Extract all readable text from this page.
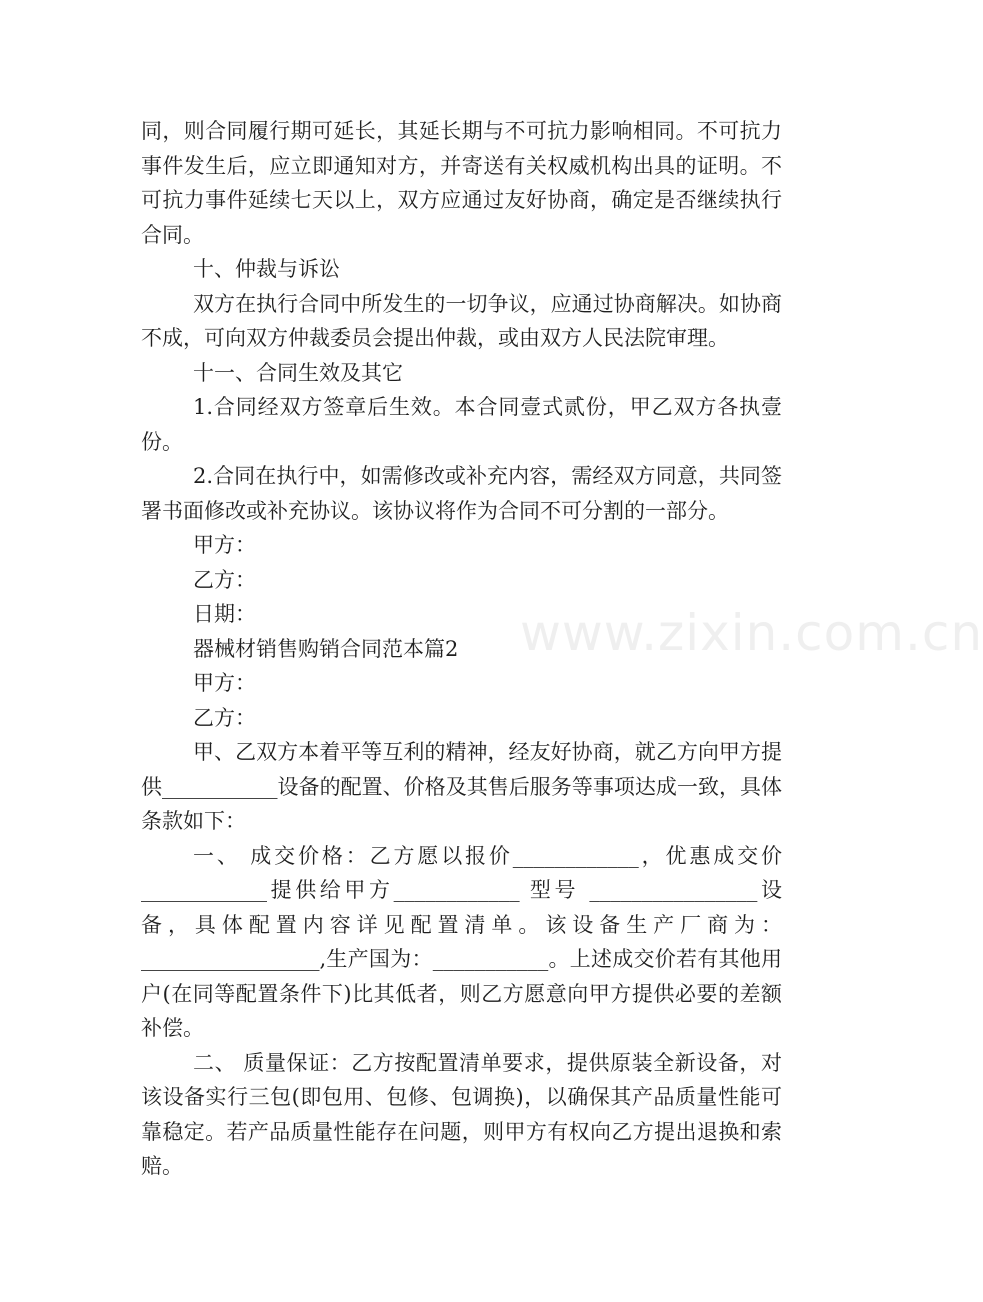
同，则合同履行期可延长，其延长期与不可抗力影响相同。不可抗力事件发生后，应立即通知对方，并寄送有关权威机构出具的证明。不可抗力事件延续七天以上，双方应通过友好协商，确定是否继续执行合同。

十、仲裁与诉讼

双方在执行合同中所发生的一切争议，应通过协商解决。如协商不成，可向双方仲裁委员会提出仲裁，或由双方人民法院审理。

十一、合同生效及其它

1.合同经双方签章后生效。本合同壹式贰份，甲乙双方各执壹份。

2.合同在执行中，如需修改或补充内容，需经双方同意，共同签署书面修改或补充协议。该协议将作为合同不可分割的一部分。

甲方：

乙方：

日期：

器械材销售购销合同范本篇2

甲方：

乙方：

甲、乙双方本着平等互利的精神，经友好协商，就乙方向甲方提供___________设备的配置、价格及其售后服务等事项达成一致，具体条款如下：

一、 成交价格：乙方愿以报价____________，优惠成交价____________提供给甲方____________ 型号 ________________设备，具体配置内容详见配置清单。该设备生产厂商为：_________________,生产国为：___________。上述成交价若有其他用户(在同等配置条件下)比其低者，则乙方愿意向甲方提供必要的差额补偿。

二、 质量保证：乙方按配置清单要求，提供原装全新设备，对该设备实行三包(即包用、包修、包调换)，以确保其产品质量性能可靠稳定。若产品质量性能存在问题，则甲方有权向乙方提出退换和索赔。

www.zixin.com.cn
